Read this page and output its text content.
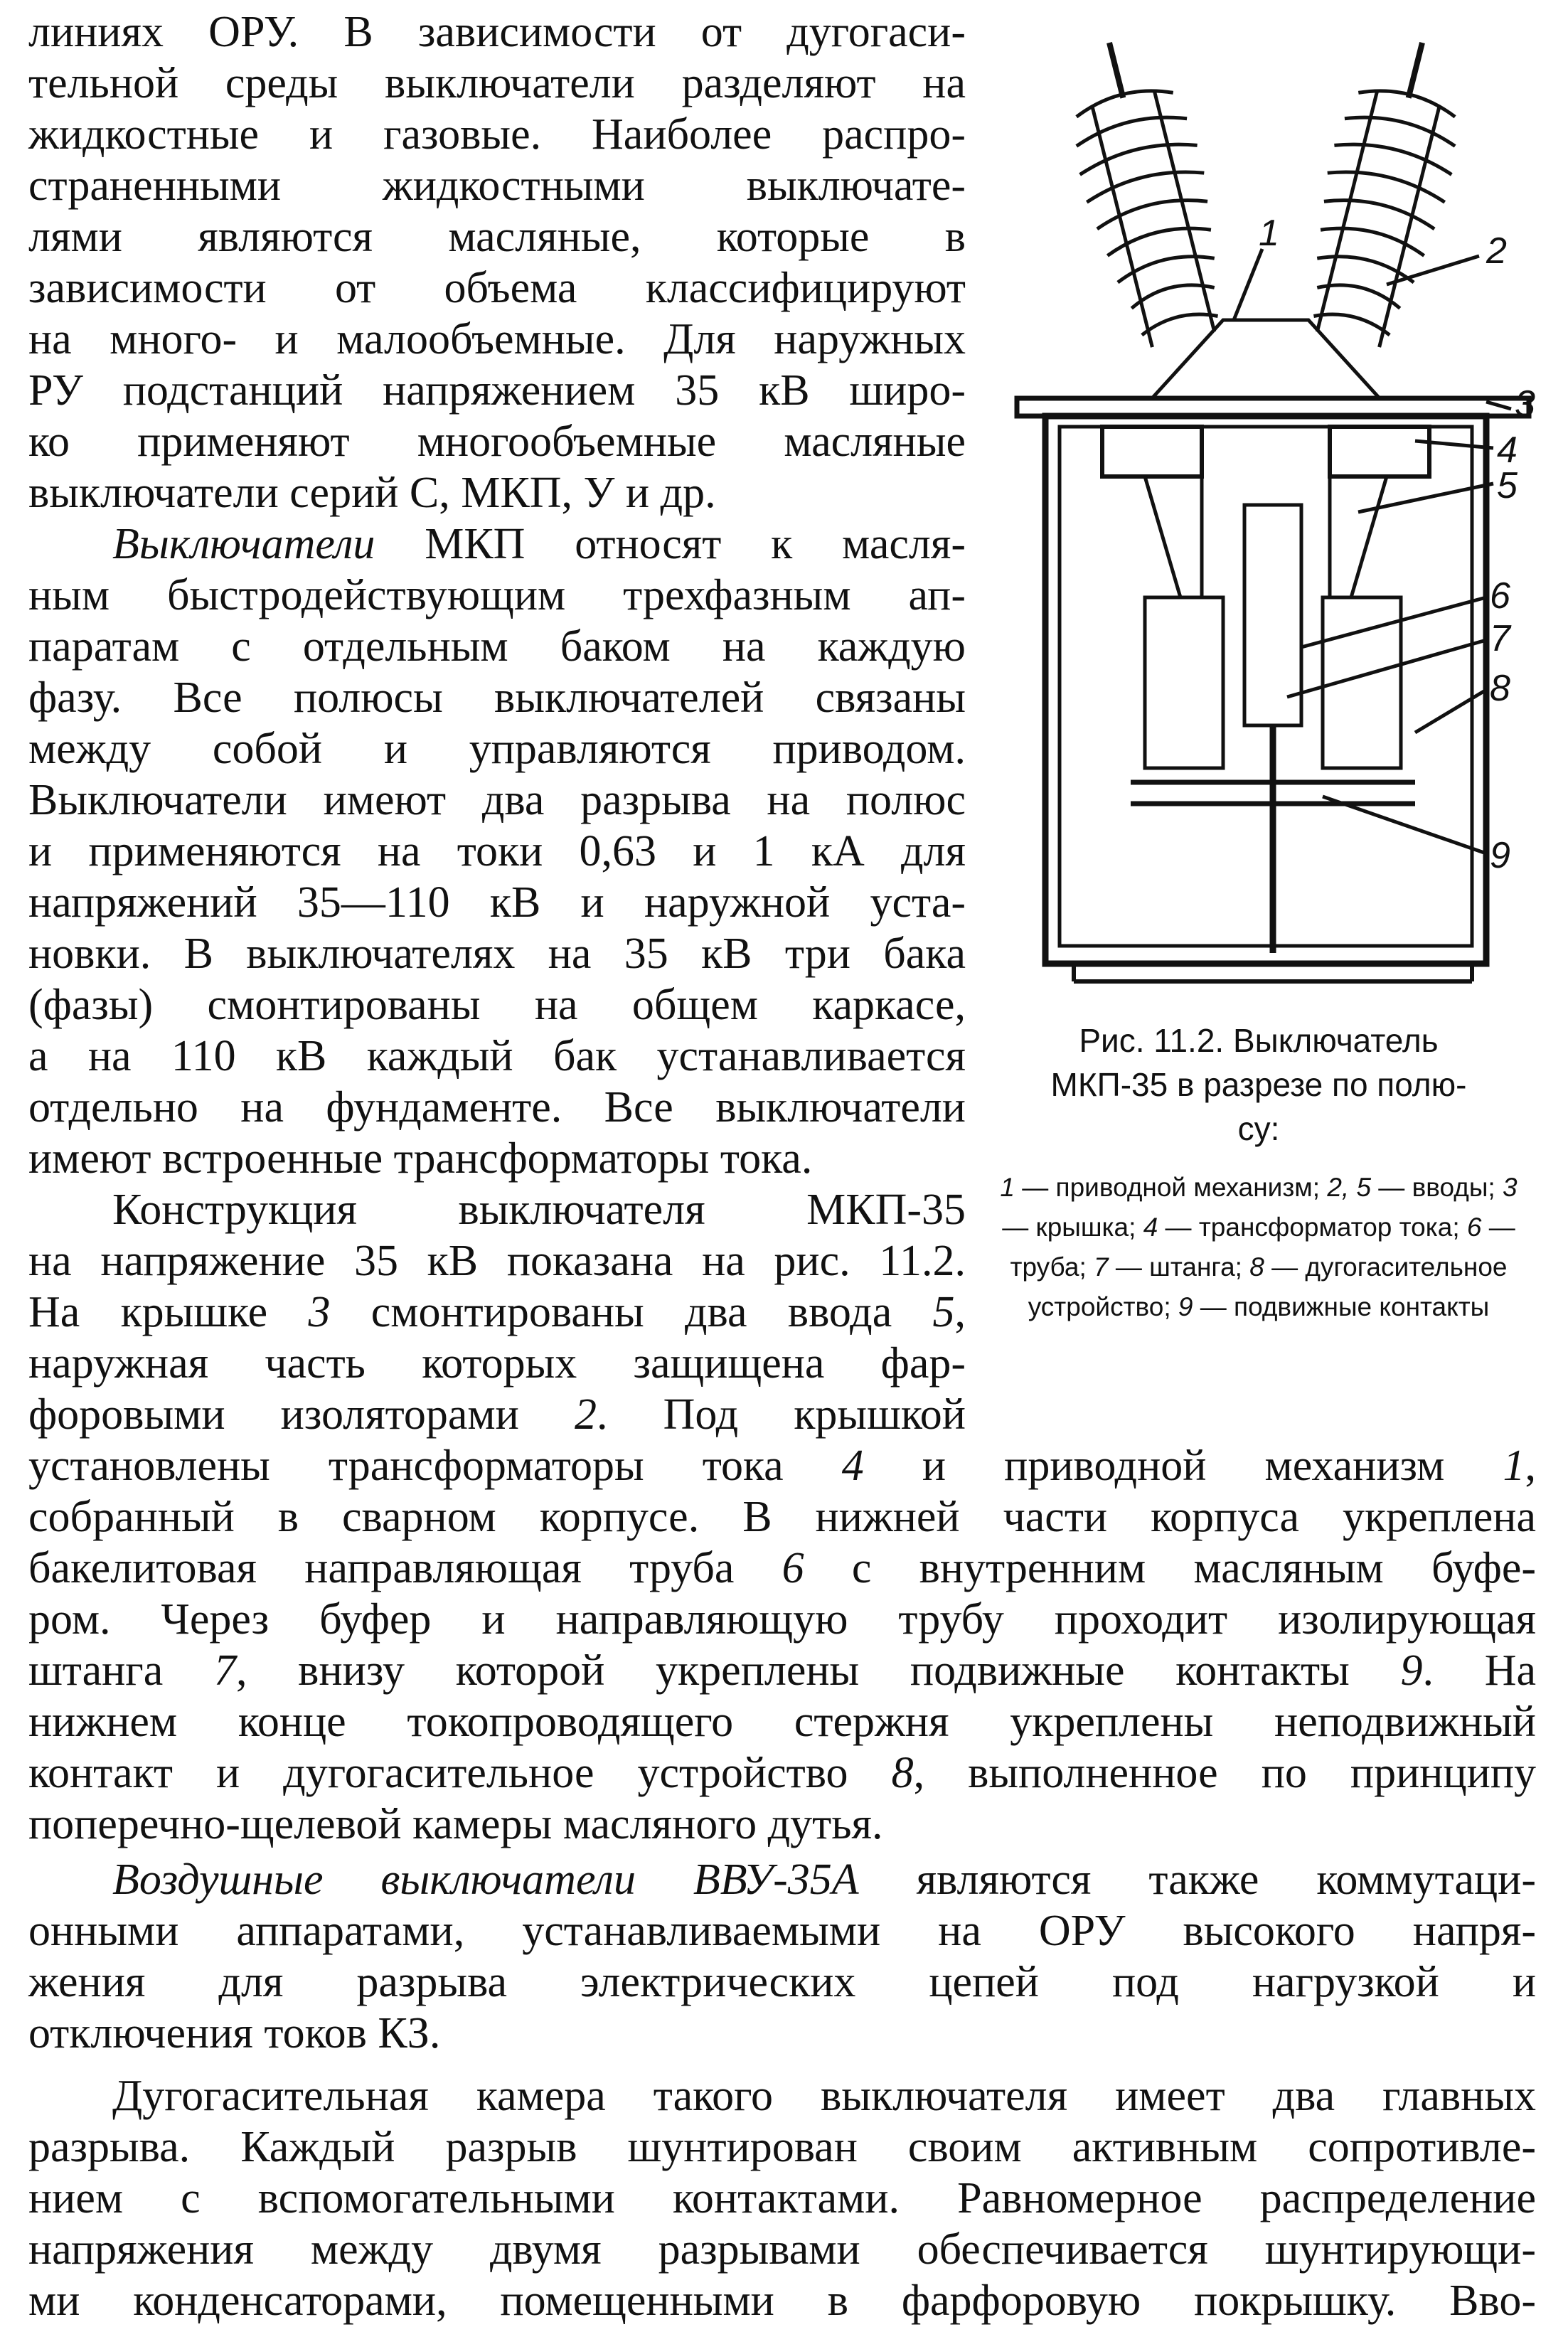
линиях ОРУ. В зависимости от дугогаси-
тельной среды выключатели разделяют на
жидкостные и газовые. Наиболее распро-
страненными жидкостными выключате-
лями являются масляные, которые в
зависимости от объема классифицируют
на много- и малообъемные. Для наружных
РУ подстанций напряжением 35 кВ широ-
ко применяют многообъемные масляные
выключатели серий С, МКП, У и др.
Выключатели МКП относят к масля-
ным быстродействующим трехфазным ап-
паратам с отдельным баком на каждую
фазу. Все полюсы выключателей связаны
между собой и управляются приводом.
Выключатели имеют два разрыва на полюс
и применяются на токи 0,63 и 1 кА для
напряжений 35—110 кВ и наружной уста-
новки. В выключателях на 35 кВ три бака
(фазы) смонтированы на общем каркасе,
а на 110 кВ каждый бак устанавливается
отдельно на фундаменте. Все выключатели
имеют встроенные трансформаторы тока.
Конструкция выключателя МКП-35
на напряжение 35 кВ показана на рис. 11.2.
На крышке 3 смонтированы два ввода 5,
наружная часть которых защищена фар-
форовыми изоляторами 2. Под крышкой
установлены трансформаторы тока 4 и приводной механизм 1,
собранный в сварном корпусе. В нижней части корпуса укреплена
бакелитовая направляющая труба 6 с внутренним масляным буфе-
ром. Через буфер и направляющую трубу проходит изолирующая
штанга 7, внизу которой укреплены подвижные контакты 9. На
нижнем конце токопроводящего стержня укреплены неподвижный
контакт и дугогасительное устройство 8, выполненное по принципу
поперечно-щелевой камеры масляного дутья.
Воздушные выключатели ВВУ-35А являются также коммутаци-
онными аппаратами, устанавливаемыми на ОРУ высокого напря-
жения для разрыва электрических цепей под нагрузкой и
отключения токов КЗ.
Дугогасительная камера такого выключателя имеет два главных
разрыва. Каждый разрыв шунтирован своим активным сопротивле-
нием с вспомогательными контактами. Равномерное распределение
напряжения между двумя разрывами обеспечивается шунтирующи-
ми конденсаторами, помещенными в фарфоровую покрышку. Вво-
1	2
3
4
5
6
7
8
9
Рис. 11.2. Выключатель
МКП-35 в разрезе по полю-
су:
1 — приводной механизм; 2, 5 — вводы; 3 — крышка; 4 — трансформатор тока; 6 — труба; 7 — штанга; 8 — дугогасительное устройство; 9 — подвижные контакты
